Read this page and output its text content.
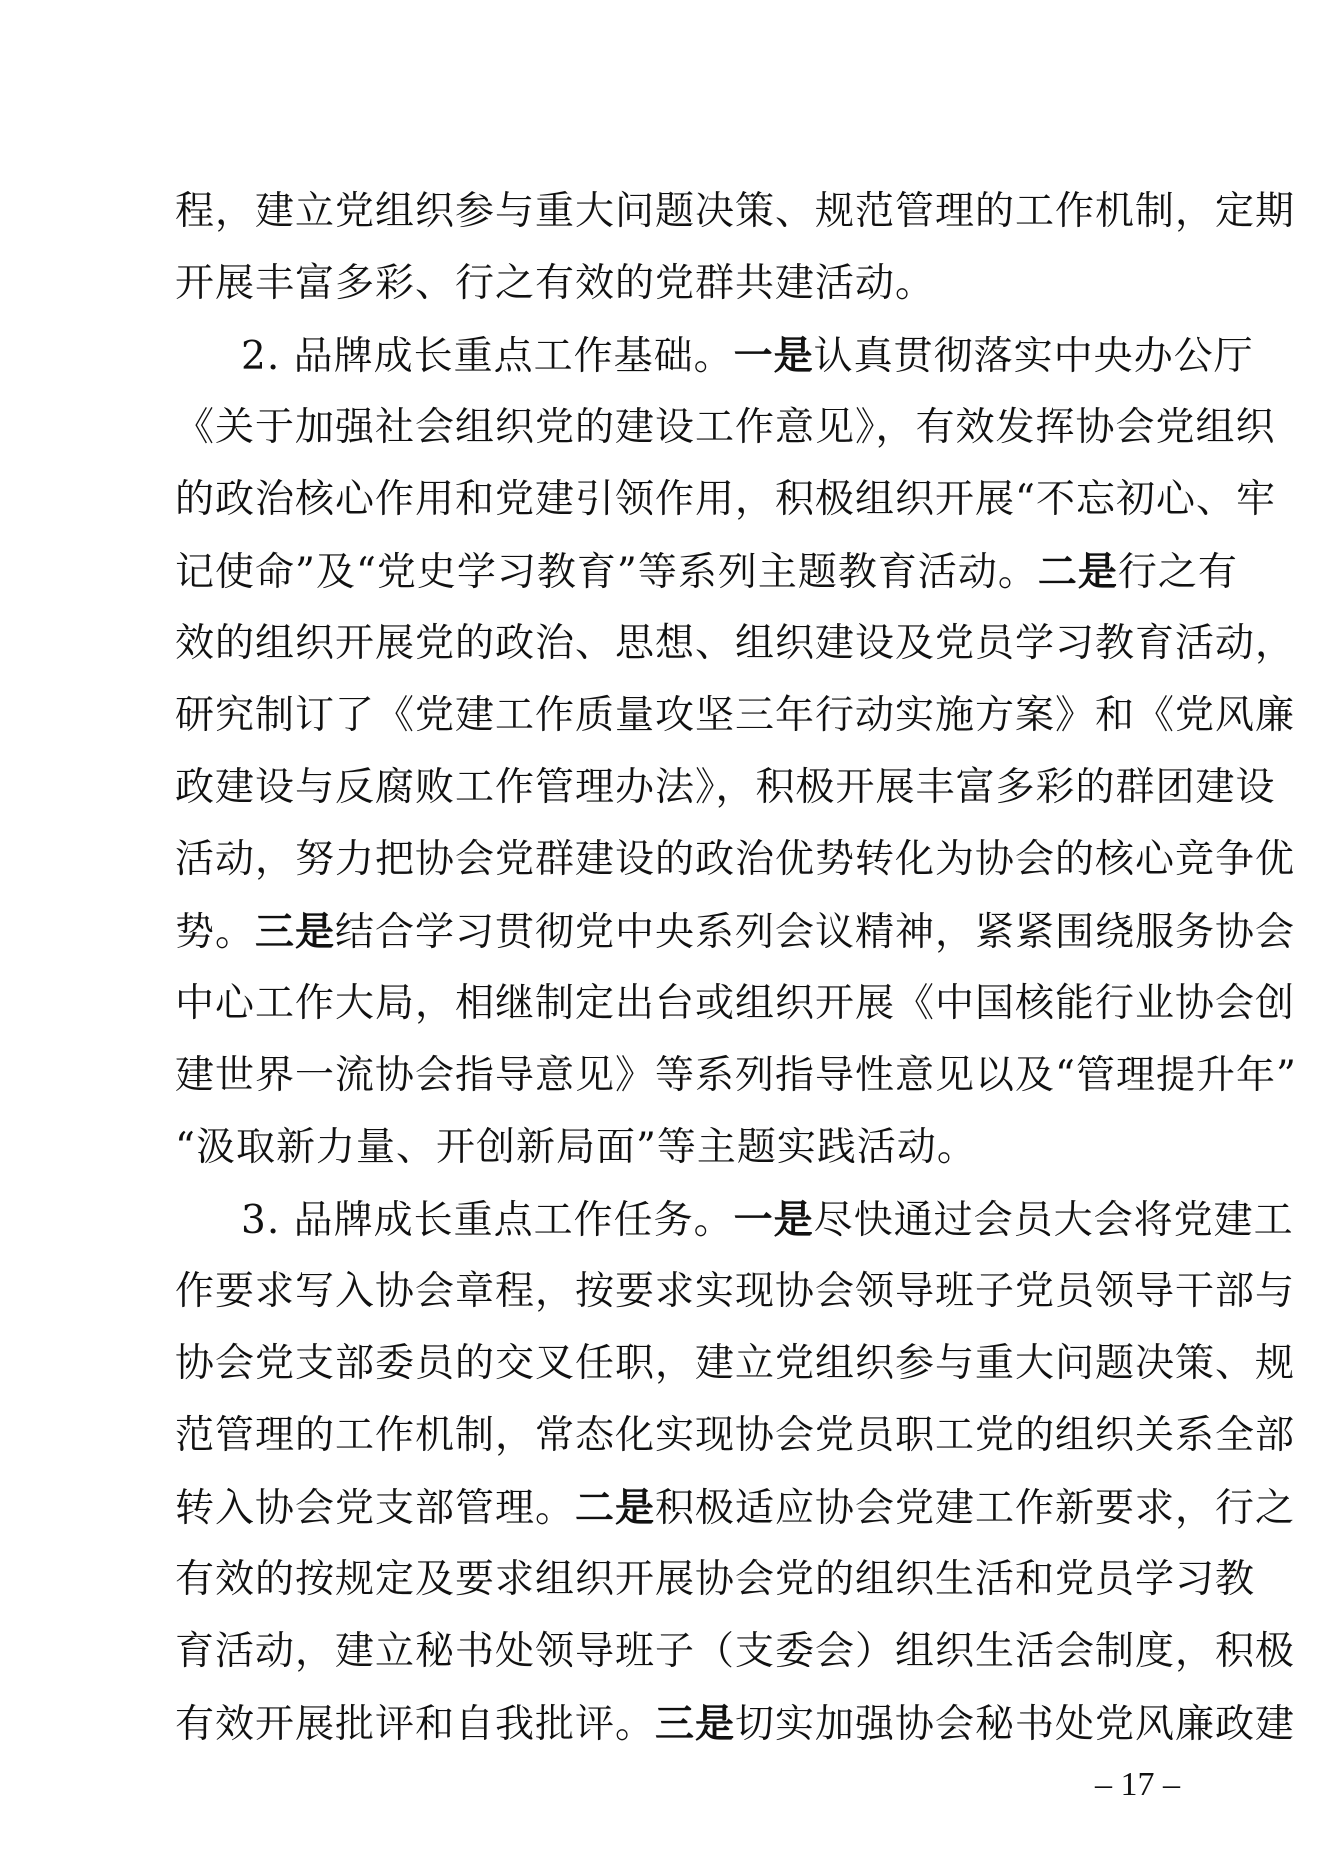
程，建立党组织参与重大问题决策、规范管理的工作机制，定期
开展丰富多彩、行之有效的党群共建活动。
2. 品牌成长重点工作基础。一是认真贯彻落实中央办公厅
《关于加强社会组织党的建设工作意见》，有效发挥协会党组织
的政治核心作用和党建引领作用，积极组织开展“不忘初心、牢
记使命”及“党史学习教育”等系列主题教育活动。二是行之有
效的组织开展党的政治、思想、组织建设及党员学习教育活动，
研究制订了《党建工作质量攻坚三年行动实施方案》和《党风廉
政建设与反腐败工作管理办法》，积极开展丰富多彩的群团建设
活动，努力把协会党群建设的政治优势转化为协会的核心竞争优
势。三是结合学习贯彻党中央系列会议精神，紧紧围绕服务协会
中心工作大局，相继制定出台或组织开展《中国核能行业协会创
建世界一流协会指导意见》等系列指导性意见以及“管理提升年”
“汲取新力量、开创新局面”等主题实践活动。
3. 品牌成长重点工作任务。一是尽快通过会员大会将党建工
作要求写入协会章程，按要求实现协会领导班子党员领导干部与
协会党支部委员的交叉任职，建立党组织参与重大问题决策、规
范管理的工作机制，常态化实现协会党员职工党的组织关系全部
转入协会党支部管理。二是积极适应协会党建工作新要求，行之
有效的按规定及要求组织开展协会党的组织生活和党员学习教
育活动，建立秘书处领导班子（支委会）组织生活会制度，积极
有效开展批评和自我批评。三是切实加强协会秘书处党风廉政建
– 17 –
